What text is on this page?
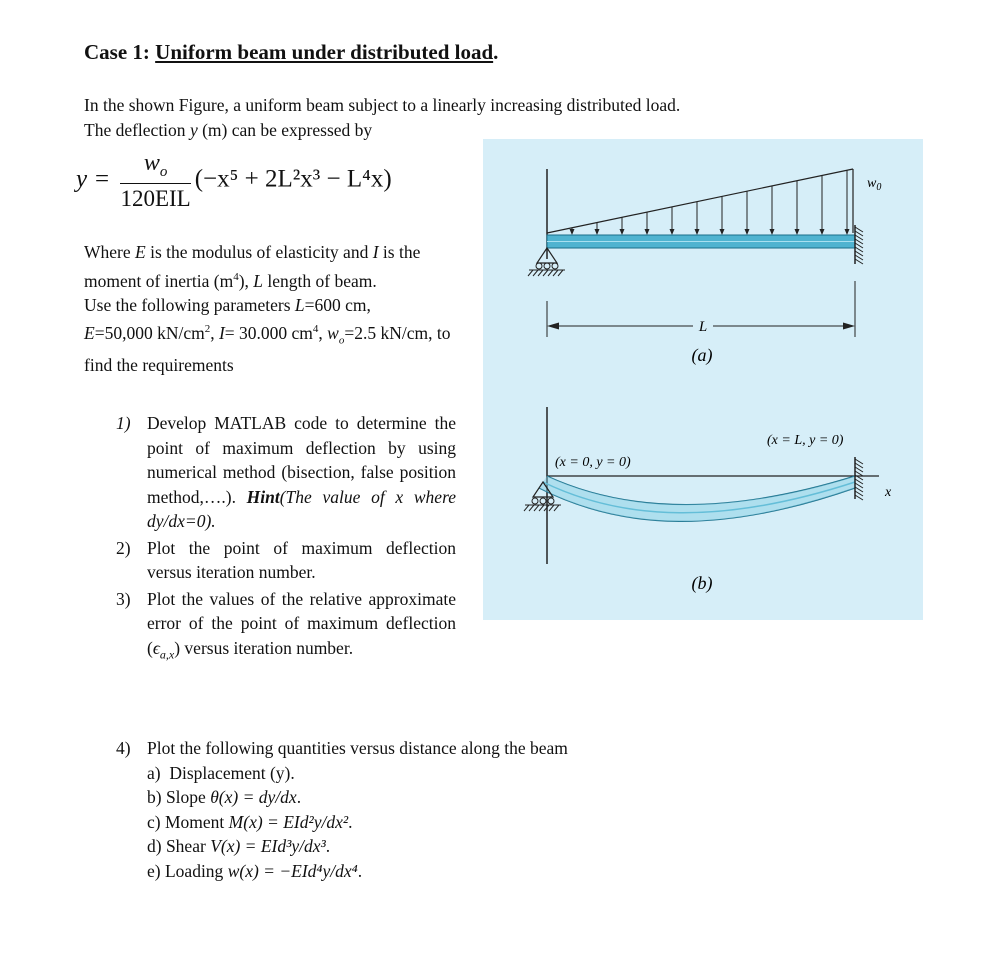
Case 1: Uniform beam under distributed load.
In the shown Figure, a uniform beam subject to a linearly increasing distributed load.
The deflection y (m) can be expressed by
$y = \frac{w_o}{\text{120EIL}} (-x^5 + 2L^2x^3 - L^4x)$
Where E is the modulus of elasticity and I is the moment of inertia $(m^4)$, L length of beam.
Use the following parameters L=600 cm,
E=50,000 $kN/cm^2$, I= 30.000 $cm^4$, $w_o=2.5$ kN/cm, to find the requirements
1) Develop MATLAB code to determine the point of maximum deflection by using numerical method (bisection, false position method,….). Hint(The value of x where dy/dx=0).
2) Plot the point of maximum deflection versus iteration number.
3) Plot the values of the relative approximate error of the point of maximum deflection $(\epsilon_{a,x})$ versus iteration number.
4) Plot the following quantities versus distance along the beam
a) Displacement (y).
b) Slope θ(x) = dy/dx.
c) Moment M(x) = EId²y/dx².
d) Shear V(x) = EId³y/dx³.
e) Loading w(x) = −EId⁴y/dx⁴.
$w_0$
L
(a)
(x = 0, y = 0)
(x = L, y = 0)
x
(b)
